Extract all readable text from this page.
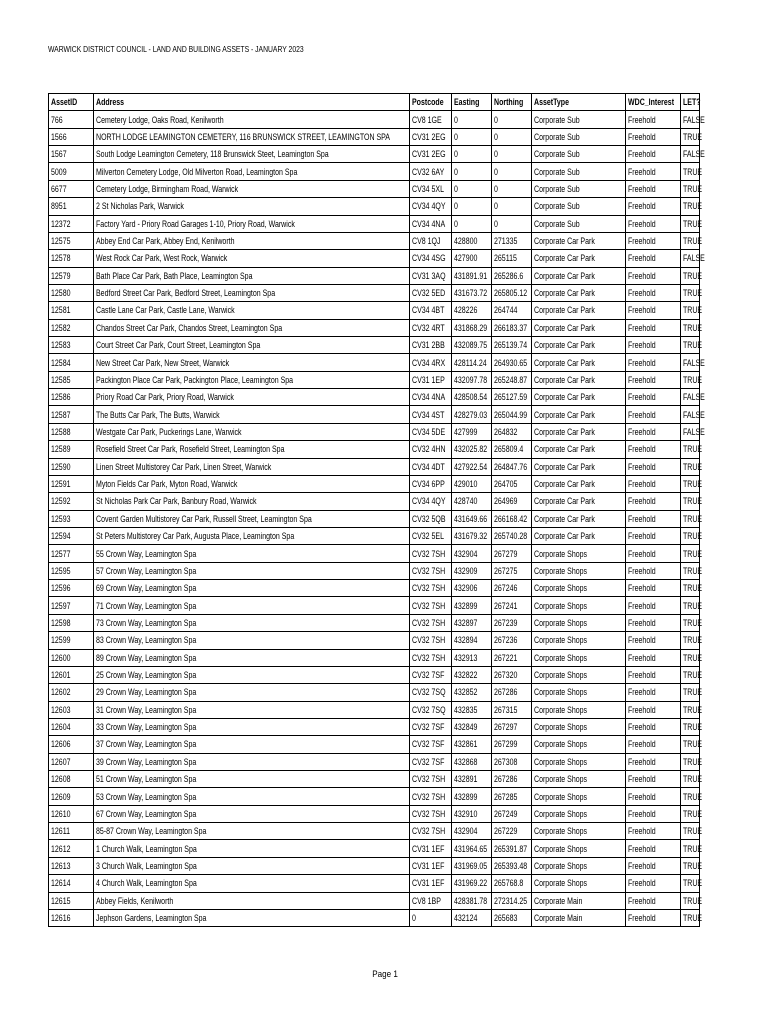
WARWICK DISTRICT COUNCIL - LAND AND BUILDING ASSETS - JANUARY 2023
AssetID	Address	Postcode	Easting	Northing	AssetType	WDC_Interest	LET?
766	Cemetery Lodge, Oaks Road, Kenilworth	CV8 1GE	0	0	Corporate Sub	Freehold	FALSE
1566	NORTH LODGE LEAMINGTON CEMETERY, 116 BRUNSWICK STREET, LEAMINGTON SPA	CV31 2EG	0	0	Corporate Sub	Freehold	TRUE
1567	South Lodge Leamington Cemetery, 118 Brunswick Steet, Leamington Spa	CV31 2EG	0	0	Corporate Sub	Freehold	FALSE
5009	Milverton Cemetery Lodge, Old Milverton Road, Leamington Spa	CV32 6AY	0	0	Corporate Sub	Freehold	TRUE
6677	Cemetery Lodge, Birmingham Road, Warwick	CV34 5XL	0	0	Corporate Sub	Freehold	TRUE
8951	2 St Nicholas Park, Warwick	CV34 4QY	0	0	Corporate Sub	Freehold	TRUE
12372	Factory Yard - Priory Road Garages 1-10, Priory Road, Warwick	CV34 4NA	0	0	Corporate Sub	Freehold	TRUE
12575	Abbey End Car Park, Abbey End, Kenilworth	CV8 1QJ	428800	271335	Corporate Car Park	Freehold	TRUE
12578	West Rock Car Park, West Rock, Warwick	CV34 4SG	427900	265115	Corporate Car Park	Freehold	FALSE
12579	Bath Place Car Park, Bath Place, Leamington Spa	CV31 3AQ	431891.91	265286.6	Corporate Car Park	Freehold	TRUE
12580	Bedford Street Car Park, Bedford Street, Leamington Spa	CV32 5ED	431673.72	265805.12	Corporate Car Park	Freehold	TRUE
12581	Castle Lane Car Park, Castle Lane, Warwick	CV34 4BT	428226	264744	Corporate Car Park	Freehold	TRUE
12582	Chandos Street Car Park, Chandos Street, Leamington Spa	CV32 4RT	431868.29	266183.37	Corporate Car Park	Freehold	TRUE
12583	Court Street Car Park, Court Street, Leamington Spa	CV31 2BB	432089.75	265139.74	Corporate Car Park	Freehold	TRUE
12584	New Street Car Park, New Street, Warwick	CV34 4RX	428114.24	264930.65	Corporate Car Park	Freehold	FALSE
12585	Packington Place Car Park, Packington Place, Leamington Spa	CV31 1EP	432097.78	265248.87	Corporate Car Park	Freehold	TRUE
12586	Priory Road Car Park, Priory Road, Warwick	CV34 4NA	428508.54	265127.59	Corporate Car Park	Freehold	FALSE
12587	The Butts Car Park, The Butts, Warwick	CV34 4ST	428279.03	265044.99	Corporate Car Park	Freehold	FALSE
12588	Westgate Car Park, Puckerings Lane, Warwick	CV34 5DE	427999	264832	Corporate Car Park	Freehold	FALSE
12589	Rosefield Street Car Park, Rosefield Street, Leamington Spa	CV32 4HN	432025.82	265809.4	Corporate Car Park	Freehold	TRUE
12590	Linen Street Multistorey Car Park, Linen Street, Warwick	CV34 4DT	427922.54	264847.76	Corporate Car Park	Freehold	TRUE
12591	Myton Fields Car Park, Myton Road, Warwick	CV34 6PP	429010	264705	Corporate Car Park	Freehold	TRUE
12592	St Nicholas Park Car Park, Banbury Road, Warwick	CV34 4QY	428740	264969	Corporate Car Park	Freehold	TRUE
12593	Covent Garden Multistorey Car Park, Russell Street, Leamington Spa	CV32 5QB	431649.66	266168.42	Corporate Car Park	Freehold	TRUE
12594	St Peters Multistorey Car Park, Augusta Place, Leamington Spa	CV32 5EL	431679.32	265740.28	Corporate Car Park	Freehold	TRUE
12577	55 Crown Way, Leamington Spa	CV32 7SH	432904	267279	Corporate Shops	Freehold	TRUE
12595	57 Crown Way, Leamington Spa	CV32 7SH	432909	267275	Corporate Shops	Freehold	TRUE
12596	69 Crown Way, Leamington Spa	CV32 7SH	432906	267246	Corporate Shops	Freehold	TRUE
12597	71 Crown Way, Leamington Spa	CV32 7SH	432899	267241	Corporate Shops	Freehold	TRUE
12598	73 Crown Way, Leamington Spa	CV32 7SH	432897	267239	Corporate Shops	Freehold	TRUE
12599	83 Crown Way, Leamington Spa	CV32 7SH	432894	267236	Corporate Shops	Freehold	TRUE
12600	89 Crown Way, Leamington Spa	CV32 7SH	432913	267221	Corporate Shops	Freehold	TRUE
12601	25 Crown Way, Leamington Spa	CV32 7SF	432822	267320	Corporate Shops	Freehold	TRUE
12602	29 Crown Way, Leamington Spa	CV32 7SQ	432852	267286	Corporate Shops	Freehold	TRUE
12603	31 Crown Way, Leamington Spa	CV32 7SQ	432835	267315	Corporate Shops	Freehold	TRUE
12604	33 Crown Way, Leamington Spa	CV32 7SF	432849	267297	Corporate Shops	Freehold	TRUE
12606	37 Crown Way, Leamington Spa	CV32 7SF	432861	267299	Corporate Shops	Freehold	TRUE
12607	39 Crown Way, Leamington Spa	CV32 7SF	432868	267308	Corporate Shops	Freehold	TRUE
12608	51 Crown Way, Leamington Spa	CV32 7SH	432891	267286	Corporate Shops	Freehold	TRUE
12609	53 Crown Way, Leamington Spa	CV32 7SH	432899	267285	Corporate Shops	Freehold	TRUE
12610	67 Crown Way, Leamington Spa	CV32 7SH	432910	267249	Corporate Shops	Freehold	TRUE
12611	85-87 Crown Way, Leamington Spa	CV32 7SH	432904	267229	Corporate Shops	Freehold	TRUE
12612	1 Church Walk, Leamington Spa	CV31 1EF	431964.65	265391.87	Corporate Shops	Freehold	TRUE
12613	3 Church Walk, Leamington Spa	CV31 1EF	431969.05	265393.48	Corporate Shops	Freehold	TRUE
12614	4 Church Walk, Leamington Spa	CV31 1EF	431969.22	265768.8	Corporate Shops	Freehold	TRUE
12615	Abbey Fields, Kenilworth	CV8 1BP	428381.78	272314.25	Corporate Main	Freehold	TRUE
12616	Jephson Gardens, Leamington Spa	0	432124	265683	Corporate Main	Freehold	TRUE
Page 1
